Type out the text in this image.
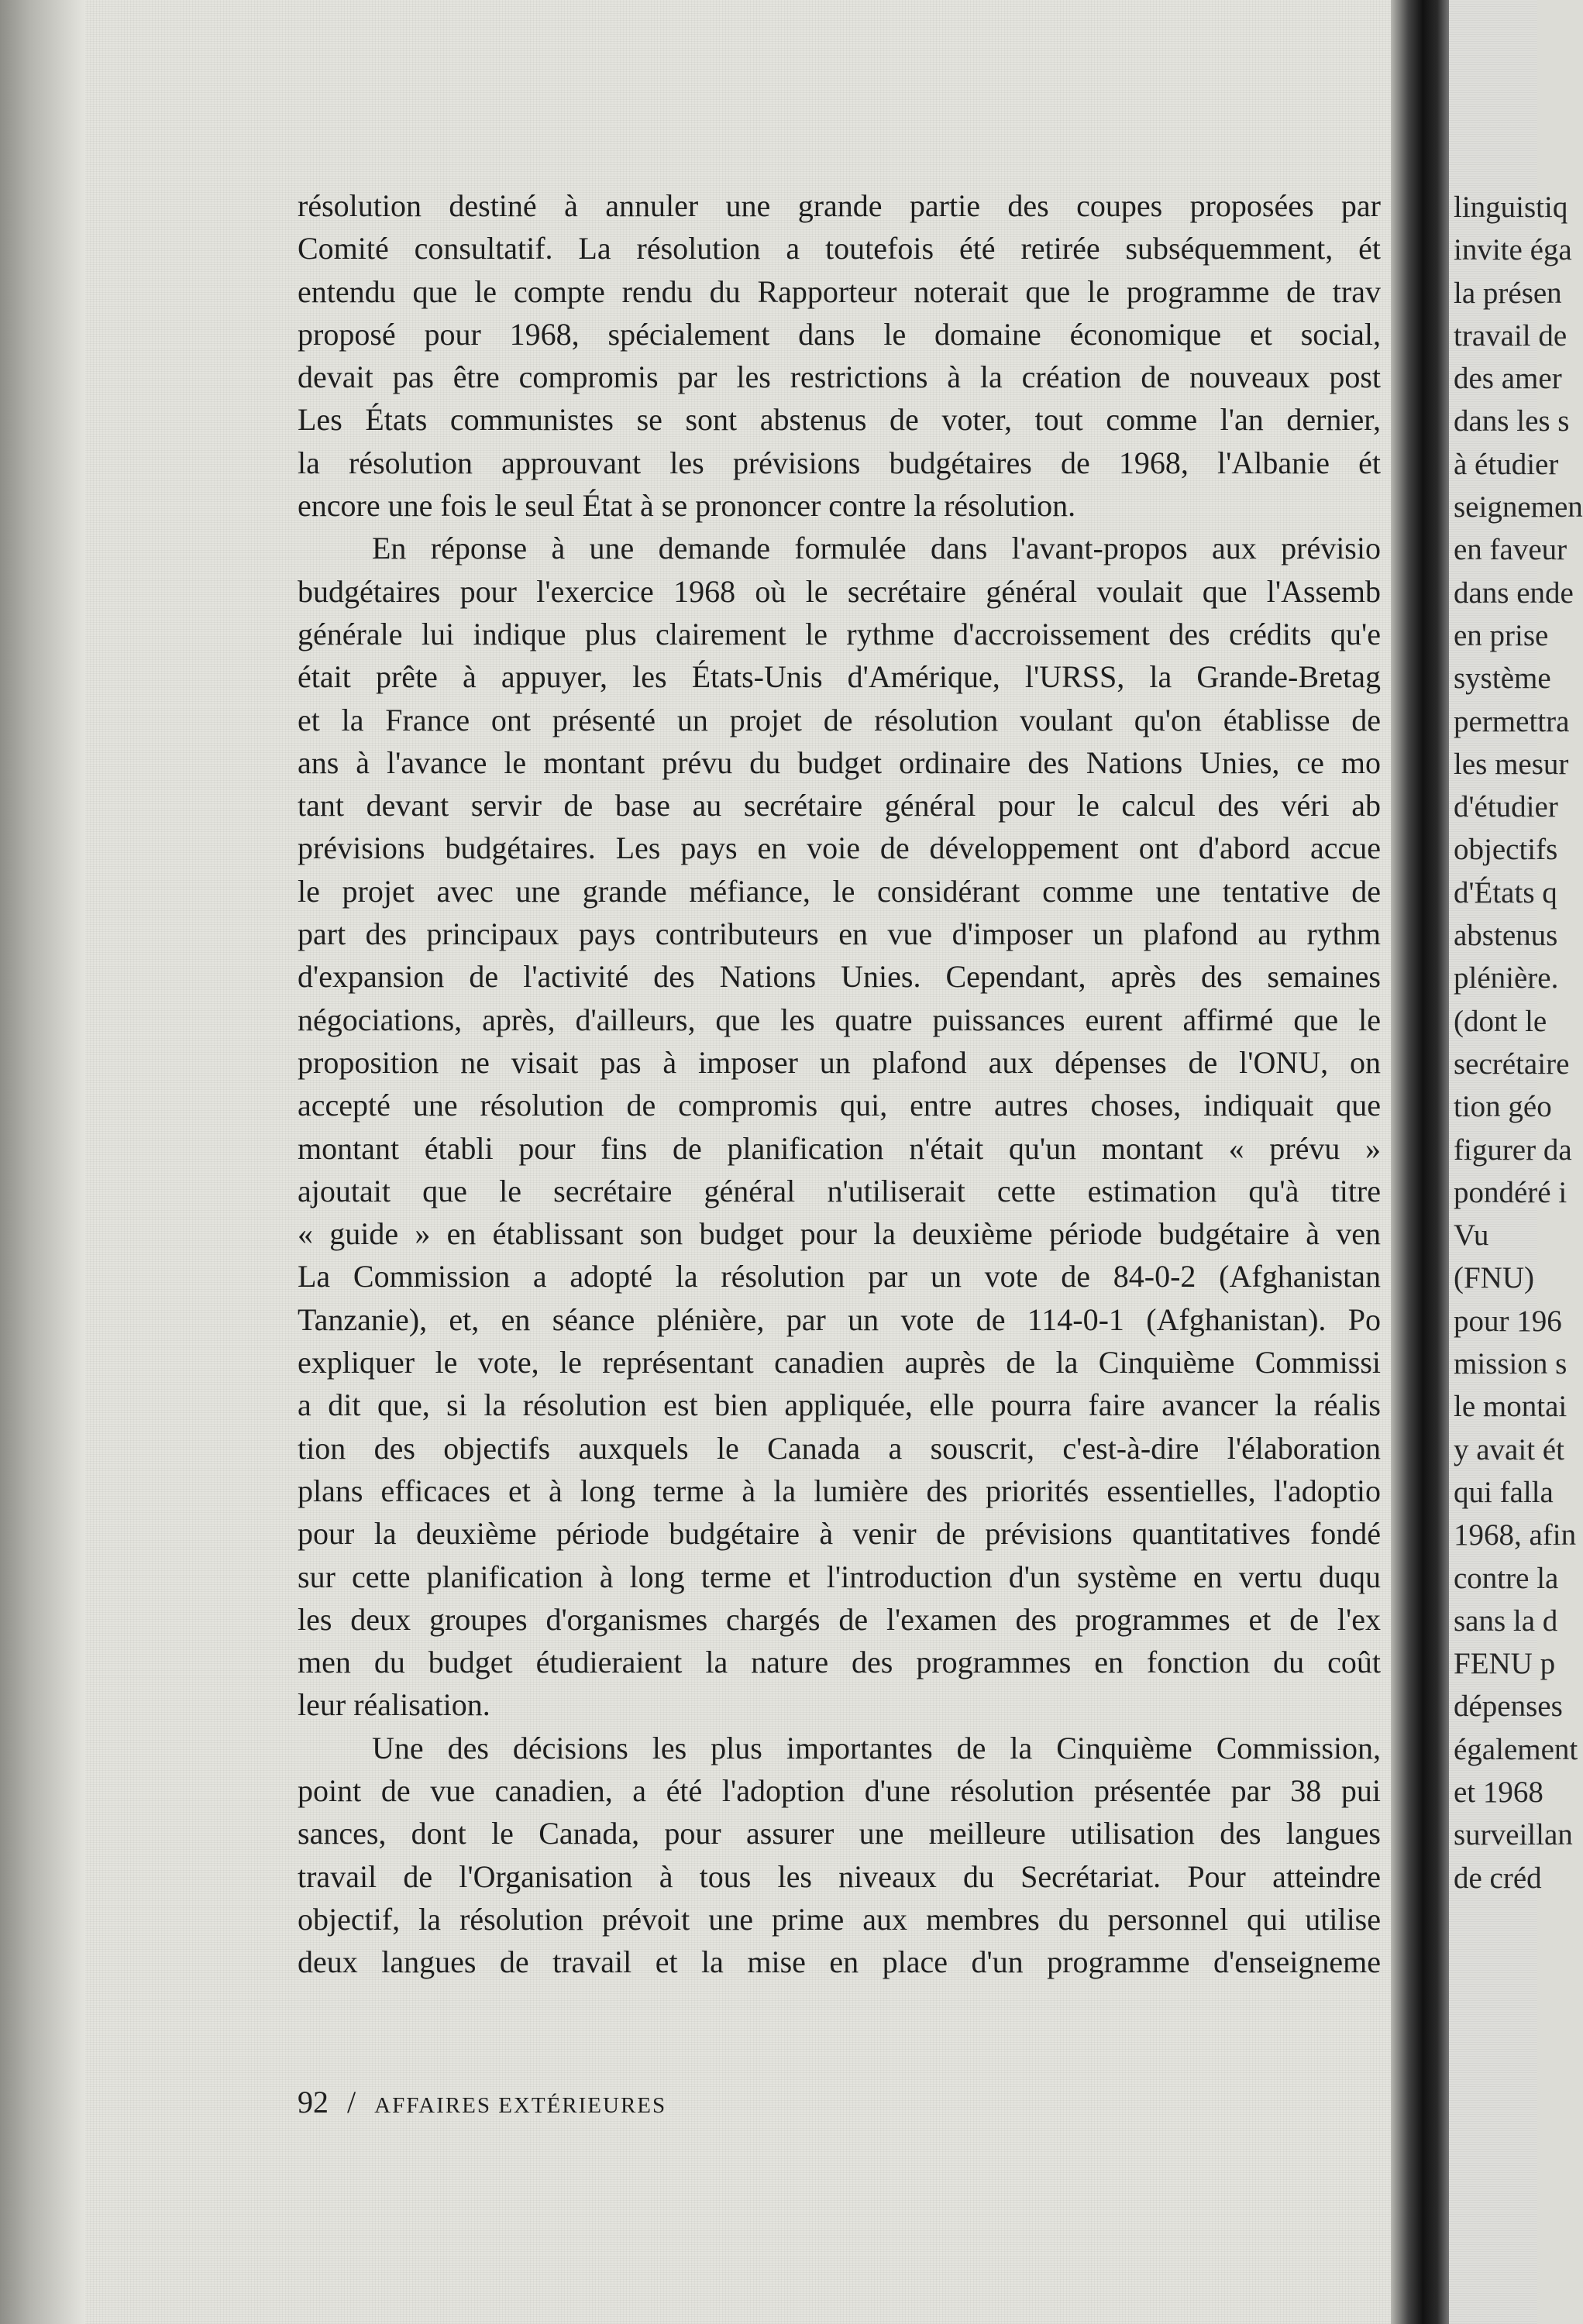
résolution destiné à annuler une grande partie des coupes proposées par
Comité consultatif. La résolution a toutefois été retirée subséquemment, ét
entendu que le compte rendu du Rapporteur noterait que le programme de trav
proposé pour 1968, spécialement dans le domaine économique et social,
devait pas être compromis par les restrictions à la création de nouveaux post
Les États communistes se sont abstenus de voter, tout comme l'an dernier,
la résolution approuvant les prévisions budgétaires de 1968, l'Albanie ét
encore une fois le seul État à se prononcer contre la résolution.
En réponse à une demande formulée dans l'avant-propos aux prévisio
budgétaires pour l'exercice 1968 où le secrétaire général voulait que l'Assemb
générale lui indique plus clairement le rythme d'accroissement des crédits qu'e
était prête à appuyer, les États-Unis d'Amérique, l'URSS, la Grande-Bretag
et la France ont présenté un projet de résolution voulant qu'on établisse de
ans à l'avance le montant prévu du budget ordinaire des Nations Unies, ce mo
tant devant servir de base au secrétaire général pour le calcul des véri ab
prévisions budgétaires. Les pays en voie de développement ont d'abord accue
le projet avec une grande méfiance, le considérant comme une tentative de
part des principaux pays contributeurs en vue d'imposer un plafond au rythm
d'expansion de l'activité des Nations Unies. Cependant, après des semaines
négociations, après, d'ailleurs, que les quatre puissances eurent affirmé que le
proposition ne visait pas à imposer un plafond aux dépenses de l'ONU, on
accepté une résolution de compromis qui, entre autres choses, indiquait que
montant établi pour fins de planification n'était qu'un montant « prévu »
ajoutait que le secrétaire général n'utiliserait cette estimation qu'à titre
« guide » en établissant son budget pour la deuxième période budgétaire à ven
La Commission a adopté la résolution par un vote de 84-0-2 (Afghanistan
Tanzanie), et, en séance plénière, par un vote de 114-0-1 (Afghanistan). Po
expliquer le vote, le représentant canadien auprès de la Cinquième Commissi
a dit que, si la résolution est bien appliquée, elle pourra faire avancer la réalis
tion des objectifs auxquels le Canada a souscrit, c'est-à-dire l'élaboration
plans efficaces et à long terme à la lumière des priorités essentielles, l'adoptio
pour la deuxième période budgétaire à venir de prévisions quantitatives fondé
sur cette planification à long terme et l'introduction d'un système en vertu duqu
les deux groupes d'organismes chargés de l'examen des programmes et de l'ex
men du budget étudieraient la nature des programmes en fonction du coût
leur réalisation.
Une des décisions les plus importantes de la Cinquième Commission,
point de vue canadien, a été l'adoption d'une résolution présentée par 38 pui
sances, dont le Canada, pour assurer une meilleure utilisation des langues
travail de l'Organisation à tous les niveaux du Secrétariat. Pour atteindre
objectif, la résolution prévoit une prime aux membres du personnel qui utilise
deux langues de travail et la mise en place d'un programme d'enseigneme
92 / AFFAIRES EXTÉRIEURES
linguistiq
invite éga
la présen
travail de
des amer
dans les s
à étudier
seignemen
en faveur
dans ende
en prise
système
permettra
les mesur
d'étudier
objectifs
d'États q
abstenus
plénière.
(dont le
secrétaire
tion géo
figurer da
pondéré i
Vu
(FNU)
pour 196
mission s
le montai
y avait ét
qui falla
1968, afin
contre la
sans la d
FENU p
dépenses
également
et 1968
surveillan
de créd
